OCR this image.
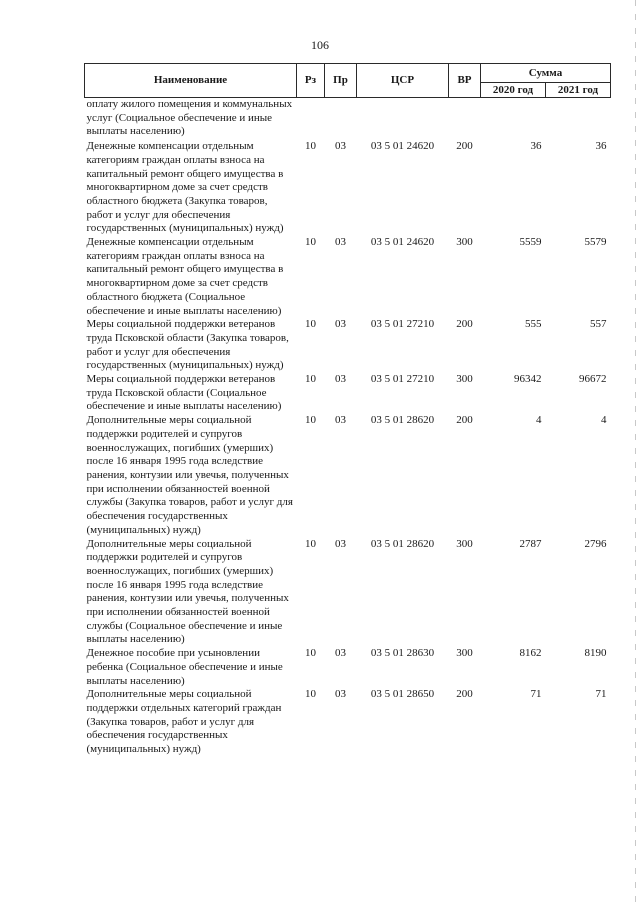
106
Наименование	Рз	Пр	ЦСР	ВР	Сумма	
					2020 год	2021 год
оплату жилого помещения и коммунальных услуг (Социальное обеспечение и иные выплаты населению)						
Денежные компенсации отдельным категориям граждан оплаты взноса на капитальный ремонт общего имущества в многоквартирном доме за счет средств областного бюджета (Закупка товаров, работ и услуг для обеспечения государственных (муниципальных) нужд)	10	03	03 5 01 24620	200	36	36
Денежные компенсации отдельным категориям граждан оплаты взноса на капитальный ремонт общего имущества в многоквартирном доме за счет средств областного бюджета (Социальное обеспечение и иные выплаты населению)	10	03	03 5 01 24620	300	5559	5579
Меры социальной поддержки ветеранов труда Псковской области (Закупка товаров, работ и услуг для обеспечения государственных (муниципальных) нужд)	10	03	03 5 01 27210	200	555	557
Меры социальной поддержки ветеранов труда Псковской области (Социальное обеспечение и иные выплаты населению)	10	03	03 5 01 27210	300	96342	96672
Дополнительные меры социальной поддержки родителей и супругов военнослужащих, погибших (умерших) после 16 января 1995 года вследствие ранения, контузии или увечья, полученных при исполнении обязанностей военной службы (Закупка товаров, работ и услуг для обеспечения государственных (муниципальных) нужд)	10	03	03 5 01 28620	200	4	4
Дополнительные меры социальной поддержки родителей и супругов военнослужащих, погибших (умерших) после 16 января 1995 года вследствие ранения, контузии или увечья, полученных при исполнении обязанностей военной службы (Социальное обеспечение и иные выплаты населению)	10	03	03 5 01 28620	300	2787	2796
Денежное пособие при усыновлении ребенка (Социальное обеспечение и иные выплаты населению)	10	03	03 5 01 28630	300	8162	8190
Дополнительные меры социальной поддержки отдельных категорий граждан (Закупка товаров, работ и услуг для обеспечения государственных (муниципальных) нужд)	10	03	03 5 01 28650	200	71	71
